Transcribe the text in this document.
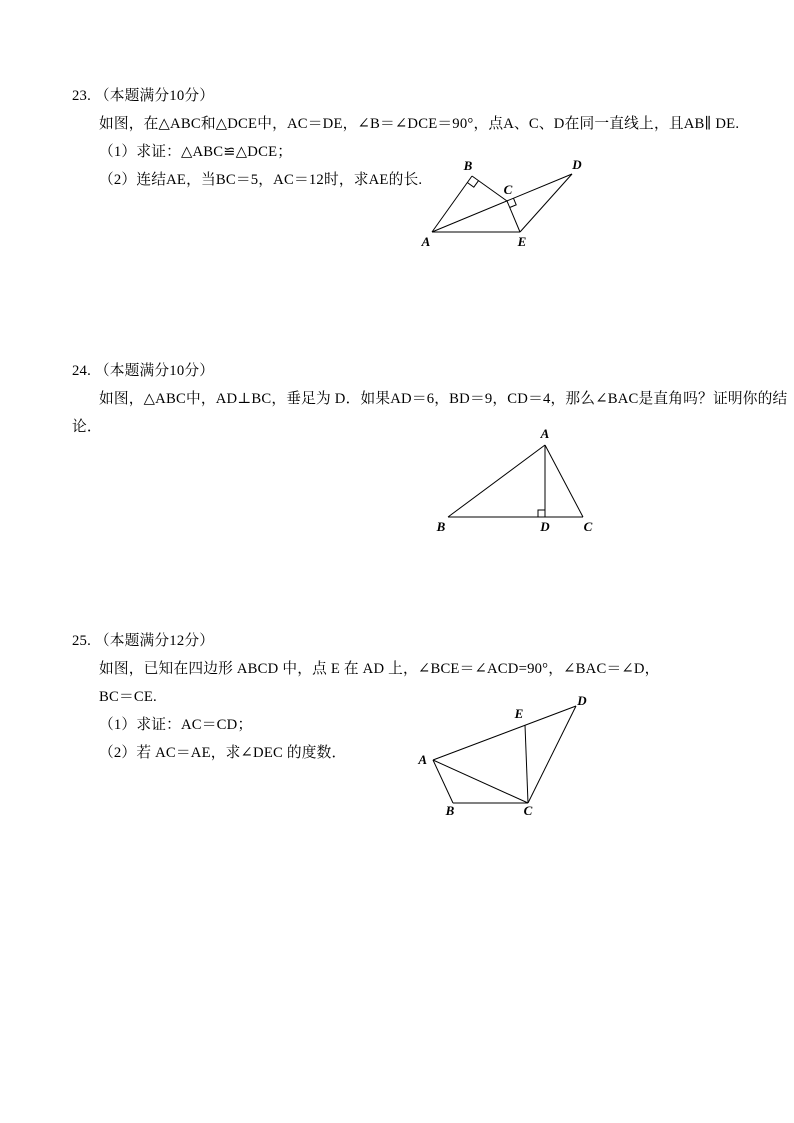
23. （本题满分10分）
如图，在△ABC和△DCE中，AC＝DE，∠B＝∠DCE＝90°，点A、C、D在同一直线上，且AB∥ DE.
（1）求证：△ABC≌△DCE；
（2）连结AE，当BC＝5，AC＝12时，求AE的长.
A
B
C
D
E
24. （本题满分10分）
如图，△ABC中，AD⊥BC，垂足为 D．如果AD＝6，BD＝9，CD＝4，那么∠BAC是直角吗？证明你的结
论．	A
B	D	C
25. （本题满分12分）
如图，已知在四边形 ABCD 中，点 E 在 AD 上，∠BCE＝∠ACD=90°，∠BAC＝∠D，
BC＝CE.
（1）求证：AC＝CD；
（2）若 AC＝AE，求∠DEC 的度数．	A
B	C
D
E
